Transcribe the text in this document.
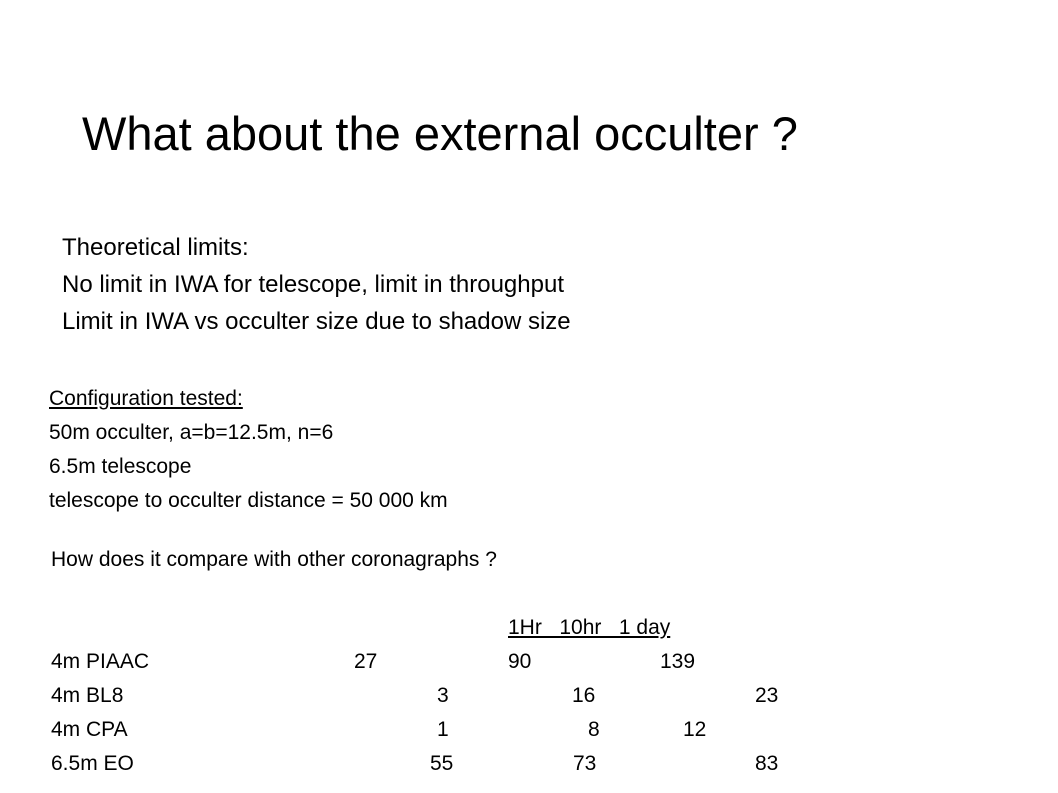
What about the external occulter ?
Theoretical limits:
No limit in IWA for telescope, limit in throughput
Limit in IWA vs occulter size due to shadow size
Configuration tested:
50m occulter, a=b=12.5m, n=6
6.5m telescope
telescope to occulter distance = 50 000 km
How does it compare with other coronagraphs ?
1Hr   10hr   1 day
4m PIAAC	27	90	139
4m BL8	3	16	23
4m CPA	1	8	12
6.5m EO	55	73	83
